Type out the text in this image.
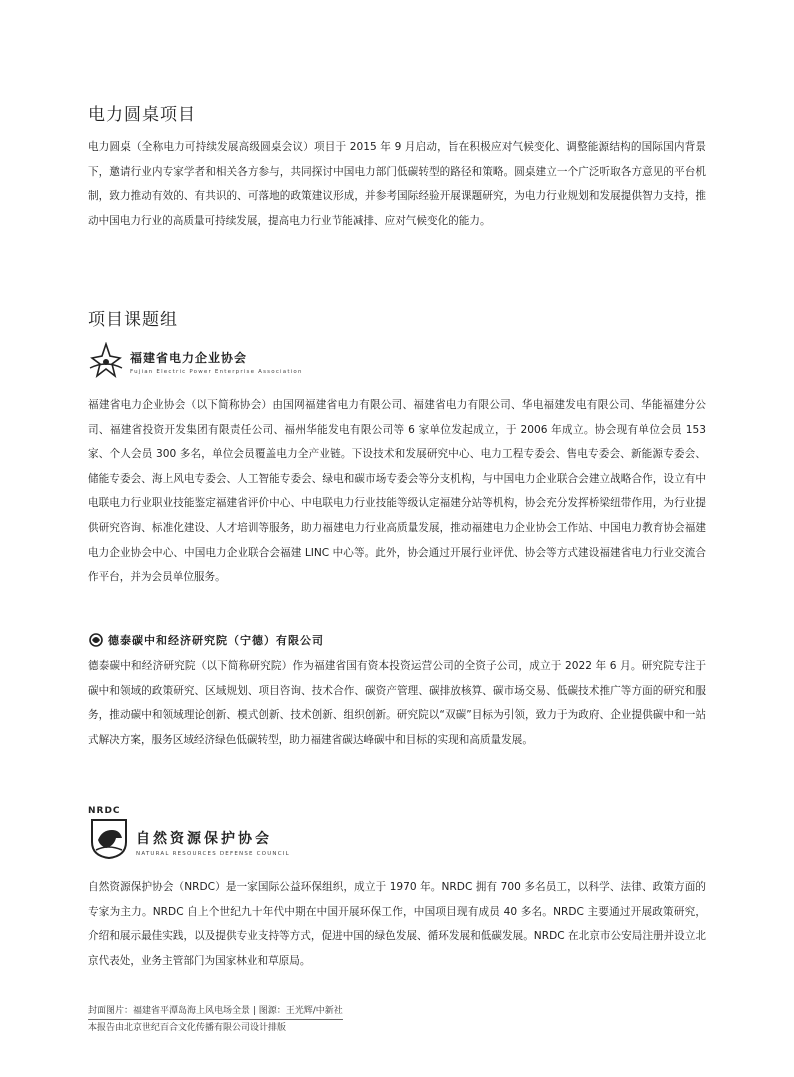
电力圆桌项目

电力圆桌（全称电力可持续发展高级圆桌会议）项目于 2015 年 9 月启动，旨在积极应对气候变化、调整能源结构的国际国内背景下，邀请行业内专家学者和相关各方参与，共同探讨中国电力部门低碳转型的路径和策略。圆桌建立一个广泛听取各方意见的平台机制，致力推动有效的、有共识的、可落地的政策建议形成，并参考国际经验开展课题研究，为电力行业规划和发展提供智力支持，推动中国电力行业的高质量可持续发展，提高电力行业节能减排、应对气候变化的能力。

项目课题组
福建省电力企业协会
Fujian Electric Power Enterprise Association

福建省电力企业协会（以下简称协会）由国网福建省电力有限公司、福建省电力有限公司、华电福建发电有限公司、华能福建分公司、福建省投资开发集团有限责任公司、福州华能发电有限公司等 6 家单位发起成立，于 2006 年成立。协会现有单位会员 153 家、个人会员 300 多名，单位会员覆盖电力全产业链。下设技术和发展研究中心、电力工程专委会、售电专委会、新能源专委会、储能专委会、海上风电专委会、人工智能专委会、绿电和碳市场专委会等分支机构，与中国电力企业联合会建立战略合作，设立有中电联电力行业职业技能鉴定福建省评价中心、中电联电力行业技能等级认定福建分站等机构，协会充分发挥桥梁纽带作用，为行业提供研究咨询、标准化建设、人才培训等服务，助力福建电力行业高质量发展，推动福建电力企业协会工作站、中国电力教育协会福建电力企业协会中心、中国电力企业联合会福建 LINC 中心等。此外，协会通过开展行业评优、协会等方式建设福建省电力行业交流合作平台，并为会员单位服务。

德泰碳中和经济研究院（宁德）有限公司

德泰碳中和经济研究院（以下简称研究院）作为福建省国有资本投资运营公司的全资子公司，成立于 2022 年 6 月。研究院专注于碳中和领域的政策研究、区域规划、项目咨询、技术合作、碳资产管理、碳排放核算、碳市场交易、低碳技术推广等方面的研究和服务，推动碳中和领域理论创新、模式创新、技术创新、组织创新。研究院以“双碳”目标为引领，致力于为政府、企业提供碳中和一站式解决方案，服务区域经济绿色低碳转型，助力福建省碳达峰碳中和目标的实现和高质量发展。

NRDC
自然资源保护协会
NATURAL RESOURCES DEFENSE COUNCIL

自然资源保护协会（NRDC）是一家国际公益环保组织，成立于 1970 年。NRDC 拥有 700 多名员工，以科学、法律、政策方面的专家为主力。NRDC 自上个世纪九十年代中期在中国开展环保工作，中国项目现有成员 40 多名。NRDC 主要通过开展政策研究，介绍和展示最佳实践，以及提供专业支持等方式，促进中国的绿色发展、循环发展和低碳发展。NRDC 在北京市公安局注册并设立北京代表处，业务主管部门为国家林业和草原局。

封面图片：福建省平潭岛海上风电场全景 | 图源：王光辉/中新社
本报告由北京世纪百合文化传播有限公司设计排版
